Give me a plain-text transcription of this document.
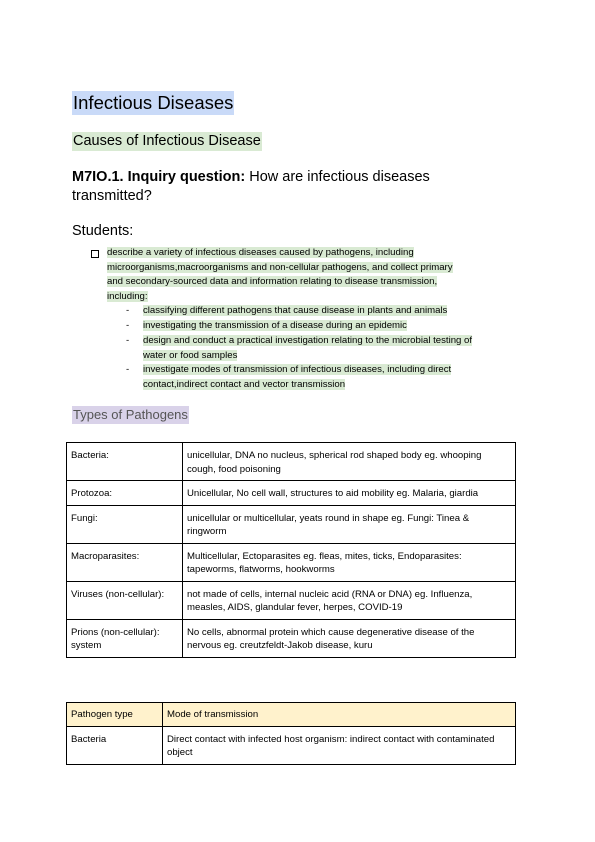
Infectious Diseases
Causes of Infectious Disease
M7IO.1. Inquiry question: How are infectious diseases transmitted?
Students:
describe a variety of infectious diseases caused by pathogens, including
microorganisms,macroorganisms and non-cellular pathogens, and collect primary
and secondary-sourced data and information relating to disease transmission,
including:
- classifying different pathogens that cause disease in plants and animals
- investigating the transmission of a disease during an epidemic
- design and conduct a practical investigation relating to the microbial testing of
water or food samples
- investigate modes of transmission of infectious diseases, including direct
contact,indirect contact and vector transmission
Types of Pathogens
Bacteria:	unicellular, DNA no nucleus, spherical rod shaped body eg. whooping cough, food poisoning
Protozoa:	Unicellular, No cell wall, structures to aid mobility eg. Malaria, giardia
Fungi:	unicellular or multicellular, yeats round in shape eg. Fungi: Tinea & ringworm
Macroparasites:	Multicellular, Ectoparasites eg. fleas, mites, ticks, Endoparasites: tapeworms, flatworms, hookworms
Viruses (non-cellular):	not made of cells, internal nucleic acid (RNA or DNA) eg. Influenza, measles, AIDS, glandular fever, herpes, COVID-19
Prions (non-cellular): system	No cells, abnormal protein which cause degenerative disease of the nervous eg. creutzfeldt-Jakob disease, kuru
Pathogen type	Mode of transmission
Bacteria	Direct contact with infected host organism: indirect contact with contaminated object
